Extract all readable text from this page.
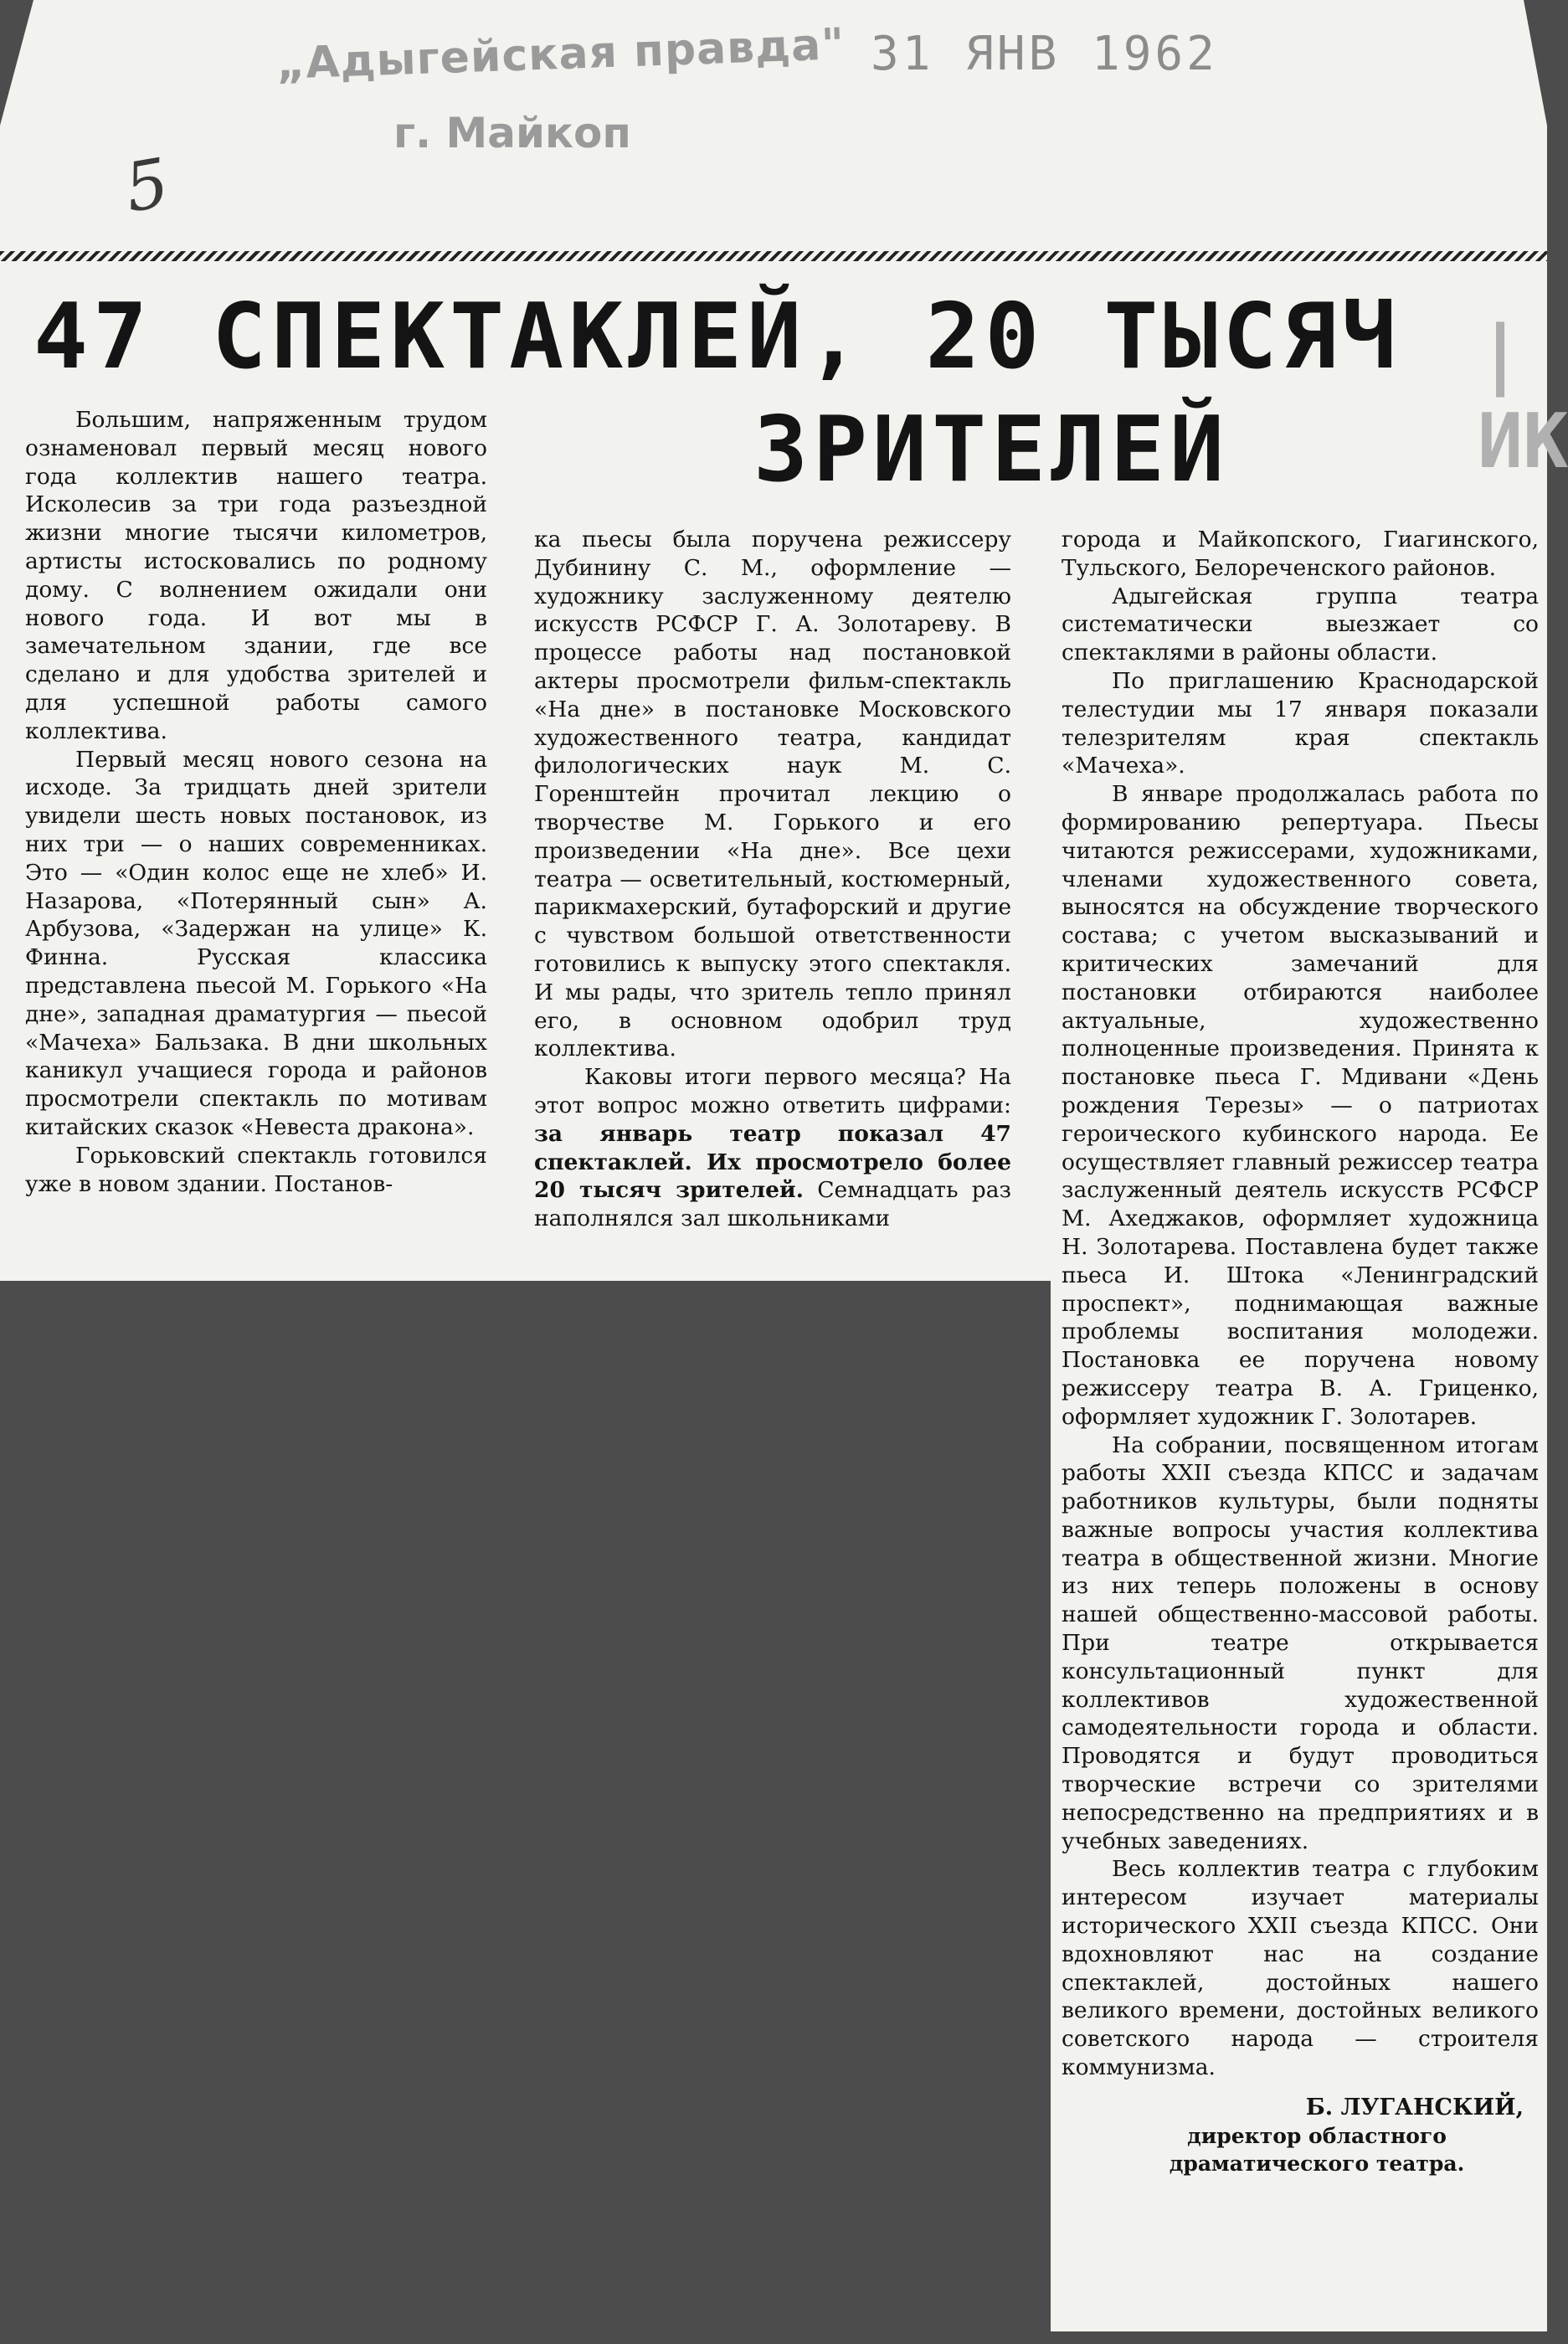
„Адыгейская правда"
г. Майкоп
31 ЯНВ 1962
5
|ИК
47 СПЕКТАКЛЕЙ, 20 ТЫСЯЧ
ЗРИТЕЛЕЙ

Большим, напряженным трудом ознаменовал первый месяц нового года коллектив нашего театра. Исколесив за три года разъездной жизни многие тысячи километров, артисты истосковались по родному дому. С волнением ожидали они нового года. И вот мы в замечательном здании, где все сделано и для удобства зрителей и для успешной работы самого коллектива.

Первый месяц нового сезона на исходе. За тридцать дней зрители увидели шесть новых постановок, из них три — о наших современниках. Это — «Один колос еще не хлеб» И. Назарова, «Потерянный сын» А. Арбузова, «Задержан на улице» К. Финна. Русская классика представлена пьесой М. Горького «На дне», западная драматургия — пьесой «Мачеха» Бальзака. В дни школьных каникул учащиеся города и районов просмотрели спектакль по мотивам китайских сказок «Невеста дракона».

Горьковский спектакль готовился уже в новом здании. Постанов-

ка пьесы была поручена режиссеру Дубинину С. М., оформление — художнику заслуженному деятелю искусств РСФСР Г. А. Золотареву. В процессе работы над постановкой актеры просмотрели фильм-спектакль «На дне» в постановке Московского художественного театра, кандидат филологических наук М. С. Горенштейн прочитал лекцию о творчестве М. Горького и его произведении «На дне». Все цехи театра — осветительный, костюмерный, парикмахерский, бутафорский и другие с чувством большой ответственности готовились к выпуску этого спектакля. И мы рады, что зритель тепло принял его, в основном одобрил труд коллектива.

Каковы итоги первого месяца? На этот вопрос можно ответить цифрами: за январь театр показал 47 спектаклей. Их просмотрело более 20 тысяч зрителей. Семнадцать раз наполнялся зал школьниками

города и Майкопского, Гиагинского, Тульского, Белореченского районов.

Адыгейская группа театра систематически выезжает со спектаклями в районы области.

По приглашению Краснодарской телестудии мы 17 января показали телезрителям края спектакль «Мачеха».

В январе продолжалась работа по формированию репертуара. Пьесы читаются режиссерами, художниками, членами художественного совета, выносятся на обсуждение творческого состава; с учетом высказываний и критических замечаний для постановки отбираются наиболее актуальные, художественно полноценные произведения. Принята к постановке пьеса Г. Мдивани «День рождения Терезы» — о патриотах героического кубинского народа. Ее осуществляет главный режиссер театра заслуженный деятель искусств РСФСР М. Ахеджаков, оформляет художница Н. Золотарева. Поставлена будет также пьеса И. Штока «Ленинградский проспект», поднимающая важные проблемы воспитания молодежи. Постановка ее поручена новому режиссеру театра В. А. Гриценко, оформляет художник Г. Золотарев.

На собрании, посвященном итогам работы XXII съезда КПСС и задачам работников культуры, были подняты важные вопросы участия коллектива театра в общественной жизни. Многие из них теперь положены в основу нашей общественно-массовой работы. При театре открывается консультационный пункт для коллективов художественной самодеятельности города и области. Проводятся и будут проводиться творческие встречи со зрителями непосредственно на предприятиях и в учебных заведениях.

Весь коллектив театра с глубоким интересом изучает материалы исторического XXII съезда КПСС. Они вдохновляют нас на создание спектаклей, достойных нашего великого времени, достойных великого советского народа — строителя коммунизма.

Б. ЛУГАНСКИЙ,
директор областного драматического театра.
